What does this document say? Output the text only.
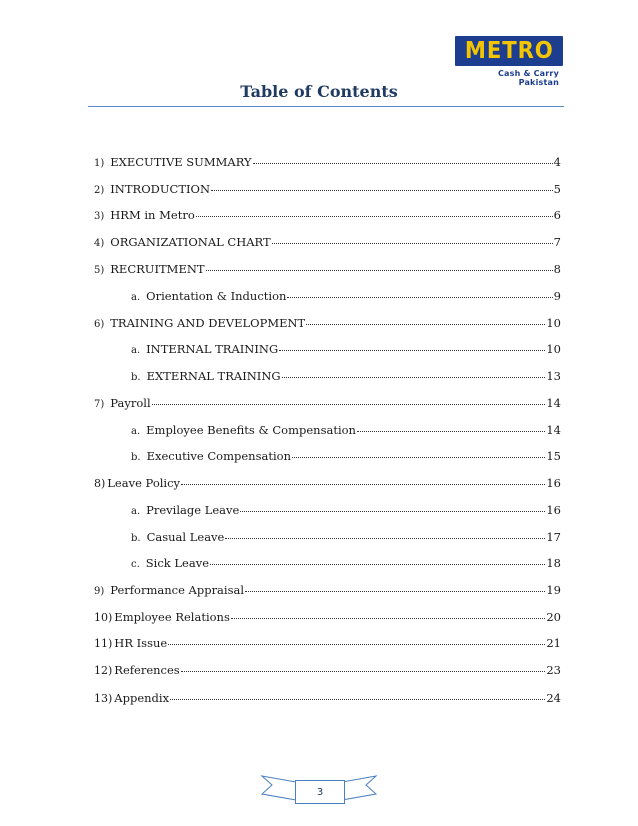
METRO
Cash & Carry Pakistan
Table of Contents
1) EXECUTIVE SUMMARY	4
2) INTRODUCTION	5
3) HRM in Metro	6
4) ORGANIZATIONAL CHART	7
5) RECRUITMENT	8
a. Orientation & Induction	9
6) TRAINING AND DEVELOPMENT	10
a. INTERNAL TRAINING	10
b. EXTERNAL TRAINING	13
7) Payroll	14
a. Employee Benefits & Compensation	14
b. Executive Compensation	15
8) Leave Policy	16
a. Previlage Leave	16
b. Casual Leave	17
c. Sick Leave	18
9) Performance Appraisal	19
10) Employee Relations	20
11) HR Issue	21
12) References	23
13) Appendix	24
3
